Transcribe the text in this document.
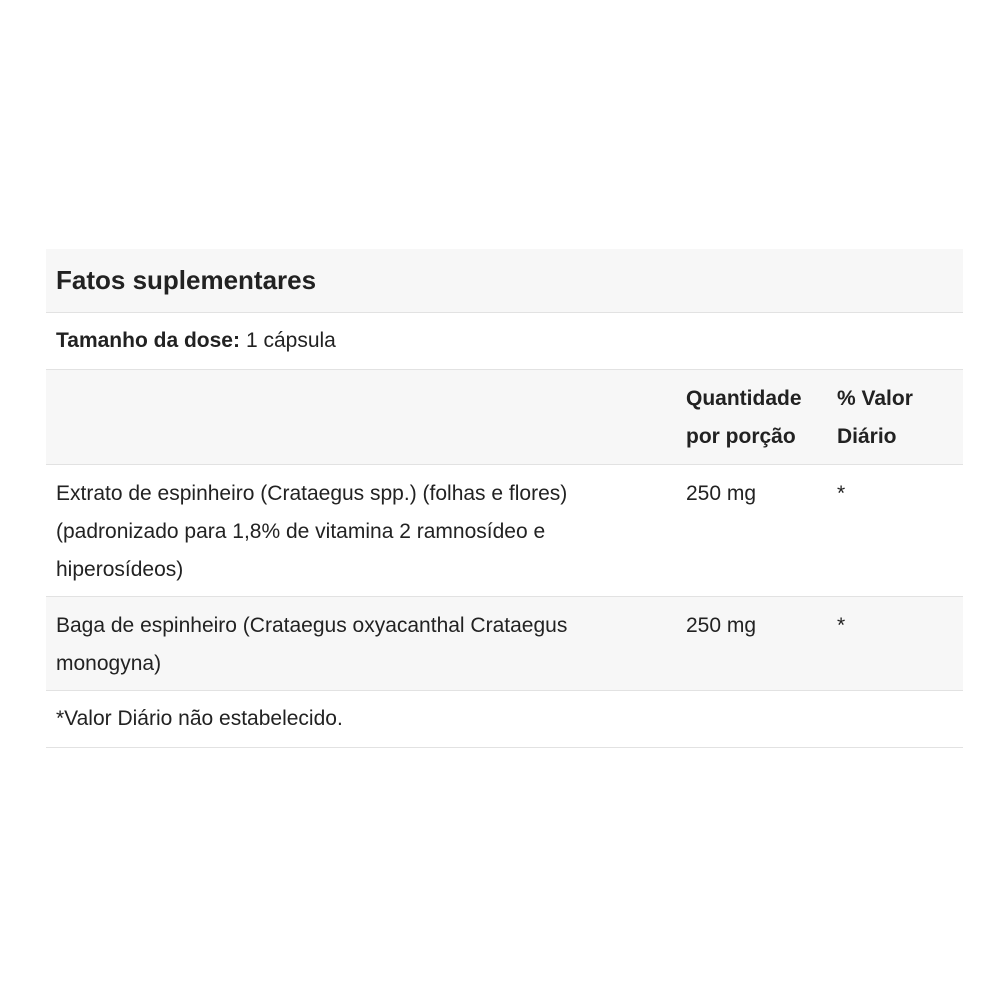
Fatos suplementares
Tamanho da dose: 1 cápsula
Quantidade
por porção
% Valor
Diário
Extrato de espinheiro (Crataegus spp.) (folhas e flores) (padronizado para 1,8% de vitamina 2 ramnosídeo e hiperosídeos)
250 mg	*
Baga de espinheiro (Crataegus oxyacanthal Crataegus monogyna)
250 mg	*
*Valor Diário não estabelecido.
